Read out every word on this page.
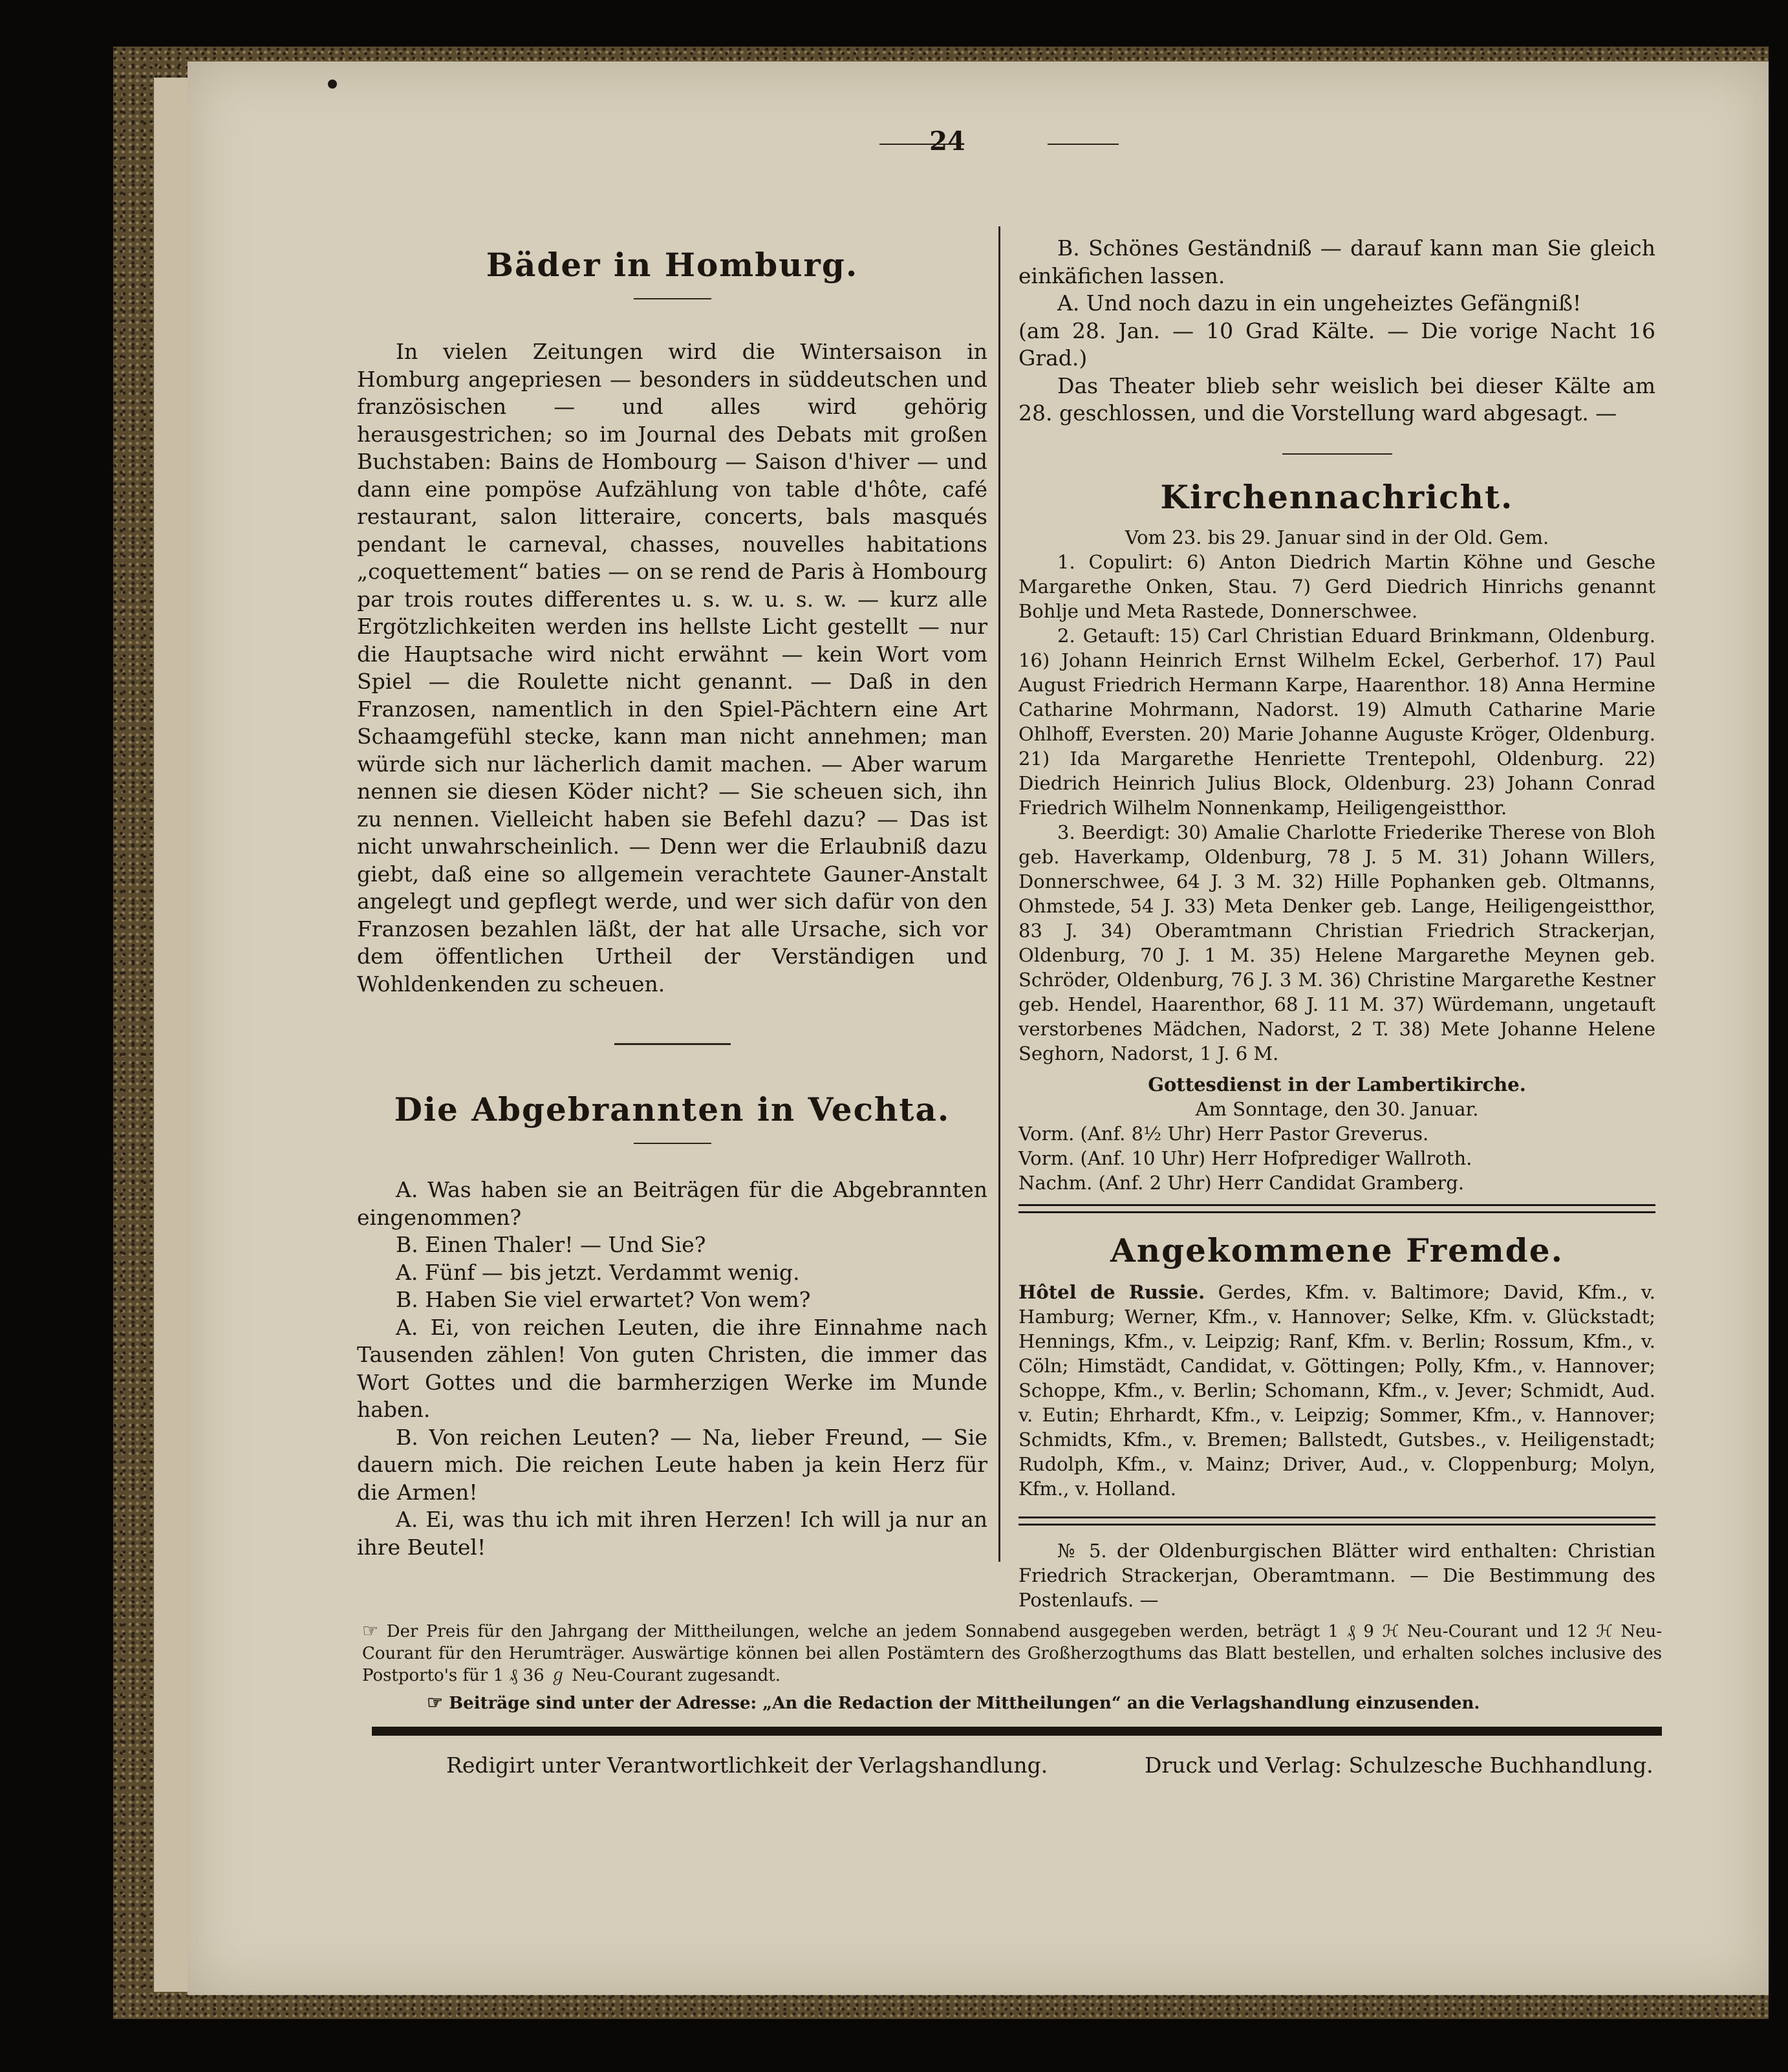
24
Bäder in Homburg.

In vielen Zeitungen wird die Wintersaison in Homburg angepriesen — besonders in süddeutschen und französischen — und alles wird gehörig herausgestrichen; so im Journal des Debats mit großen Buchstaben: Bains de Hombourg — Saison d'hiver — und dann eine pompöse Aufzählung von table d'hôte, café restaurant, salon litteraire, concerts, bals masqués pendant le carneval, chasses, nouvelles habitations „coquettement“ baties — on se rend de Paris à Hombourg par trois routes differentes u. s. w. u. s. w. — kurz alle Ergötzlichkeiten werden ins hellste Licht gestellt — nur die Hauptsache wird nicht erwähnt — kein Wort vom Spiel — die Roulette nicht genannt. — Daß in den Franzosen, namentlich in den Spiel-Pächtern eine Art Schaamgefühl stecke, kann man nicht annehmen; man würde sich nur lächerlich damit machen. — Aber warum nennen sie diesen Köder nicht? — Sie scheuen sich, ihn zu nennen. Vielleicht haben sie Befehl dazu? — Das ist nicht unwahrscheinlich. — Denn wer die Erlaubniß dazu giebt, daß eine so allgemein verachtete Gauner-Anstalt angelegt und gepflegt werde, und wer sich dafür von den Franzosen bezahlen läßt, der hat alle Ursache, sich vor dem öffentlichen Urtheil der Verständigen und Wohldenkenden zu scheuen.

Die Abgebrannten in Vechta.

A. Was haben sie an Beiträgen für die Abgebrannten eingenommen?

B. Einen Thaler! — Und Sie?

A. Fünf — bis jetzt. Verdammt wenig.

B. Haben Sie viel erwartet? Von wem?

A. Ei, von reichen Leuten, die ihre Einnahme nach Tausenden zählen! Von guten Christen, die immer das Wort Gottes und die barmherzigen Werke im Munde haben.

B. Von reichen Leuten? — Na, lieber Freund, — Sie dauern mich. Die reichen Leute haben ja kein Herz für die Armen!

A. Ei, was thu ich mit ihren Herzen! Ich will ja nur an ihre Beutel!

B. Schönes Geständniß — darauf kann man Sie gleich einkäfichen lassen.

A. Und noch dazu in ein ungeheiztes Gefängniß!

(am 28. Jan. — 10 Grad Kälte. — Die vorige Nacht 16 Grad.)

Das Theater blieb sehr weislich bei dieser Kälte am 28. geschlossen, und die Vorstellung ward abgesagt. —

Kirchennachricht.

Vom 23. bis 29. Januar sind in der Old. Gem.

1. Copulirt: 6) Anton Diedrich Martin Köhne und Gesche Margarethe Onken, Stau. 7) Gerd Diedrich Hinrichs genannt Bohlje und Meta Rastede, Donnerschwee.

2. Getauft: 15) Carl Christian Eduard Brinkmann, Oldenburg. 16) Johann Heinrich Ernst Wilhelm Eckel, Gerberhof. 17) Paul August Friedrich Hermann Karpe, Haarenthor. 18) Anna Hermine Catharine Mohrmann, Nadorst. 19) Almuth Catharine Marie Ohlhoff, Eversten. 20) Marie Johanne Auguste Kröger, Oldenburg. 21) Ida Margarethe Henriette Trentepohl, Oldenburg. 22) Diedrich Heinrich Julius Block, Oldenburg. 23) Johann Conrad Friedrich Wilhelm Nonnenkamp, Heiligengeistthor.

3. Beerdigt: 30) Amalie Charlotte Friederike Therese von Bloh geb. Haverkamp, Oldenburg, 78 J. 5 M. 31) Johann Willers, Donnerschwee, 64 J. 3 M. 32) Hille Pophanken geb. Oltmanns, Ohmstede, 54 J. 33) Meta Denker geb. Lange, Heiligengeistthor, 83 J. 34) Oberamtmann Christian Friedrich Strackerjan, Oldenburg, 70 J. 1 M. 35) Helene Margarethe Meynen geb. Schröder, Oldenburg, 76 J. 3 M. 36) Christine Margarethe Kestner geb. Hendel, Haarenthor, 68 J. 11 M. 37) Würdemann, ungetauft verstorbenes Mädchen, Nadorst, 2 T. 38) Mete Johanne Helene Seghorn, Nadorst, 1 J. 6 M.

Gottesdienst in der Lambertikirche.

Am Sonntage, den 30. Januar.

Vorm. (Anf. 8½ Uhr) Herr Pastor Greverus.

Vorm. (Anf. 10 Uhr) Herr Hofprediger Wallroth.

Nachm. (Anf. 2 Uhr) Herr Candidat Gramberg.

Angekommene Fremde.

Hôtel de Russie. Gerdes, Kfm. v. Baltimore; David, Kfm., v. Hamburg; Werner, Kfm., v. Hannover; Selke, Kfm. v. Glückstadt; Hennings, Kfm., v. Leipzig; Ranf, Kfm. v. Berlin; Rossum, Kfm., v. Cöln; Himstädt, Candidat, v. Göttingen; Polly, Kfm., v. Hannover; Schoppe, Kfm., v. Berlin; Schomann, Kfm., v. Jever; Schmidt, Aud. v. Eutin; Ehrhardt, Kfm., v. Leipzig; Sommer, Kfm., v. Hannover; Schmidts, Kfm., v. Bremen; Ballstedt, Gutsbes., v. Heiligenstadt; Rudolph, Kfm., v. Mainz; Driver, Aud., v. Cloppenburg; Molyn, Kfm., v. Holland.

№ 5. der Oldenburgischen Blätter wird enthalten: Christian Friedrich Strackerjan, Oberamtmann. — Die Bestimmung des Postenlaufs. —

☞ Der Preis für den Jahrgang der Mittheilungen, welche an jedem Sonnabend ausgegeben werden, beträgt 1 ₰ 9 ℋ Neu-Courant und 12 ℋ Neu-Courant für den Herumträger. Auswärtige können bei allen Postämtern des Großherzogthums das Blatt bestellen, und erhalten solches inclusive des Postporto's für 1 ₰ 36 ℊ Neu-Courant zugesandt.
☞ Beiträge sind unter der Adresse: „An die Redaction der Mittheilungen“ an die Verlagshandlung einzusenden.
Redigirt unter Verantwortlichkeit der Verlagshandlung.	Druck und Verlag: Schulzesche Buchhandlung.
